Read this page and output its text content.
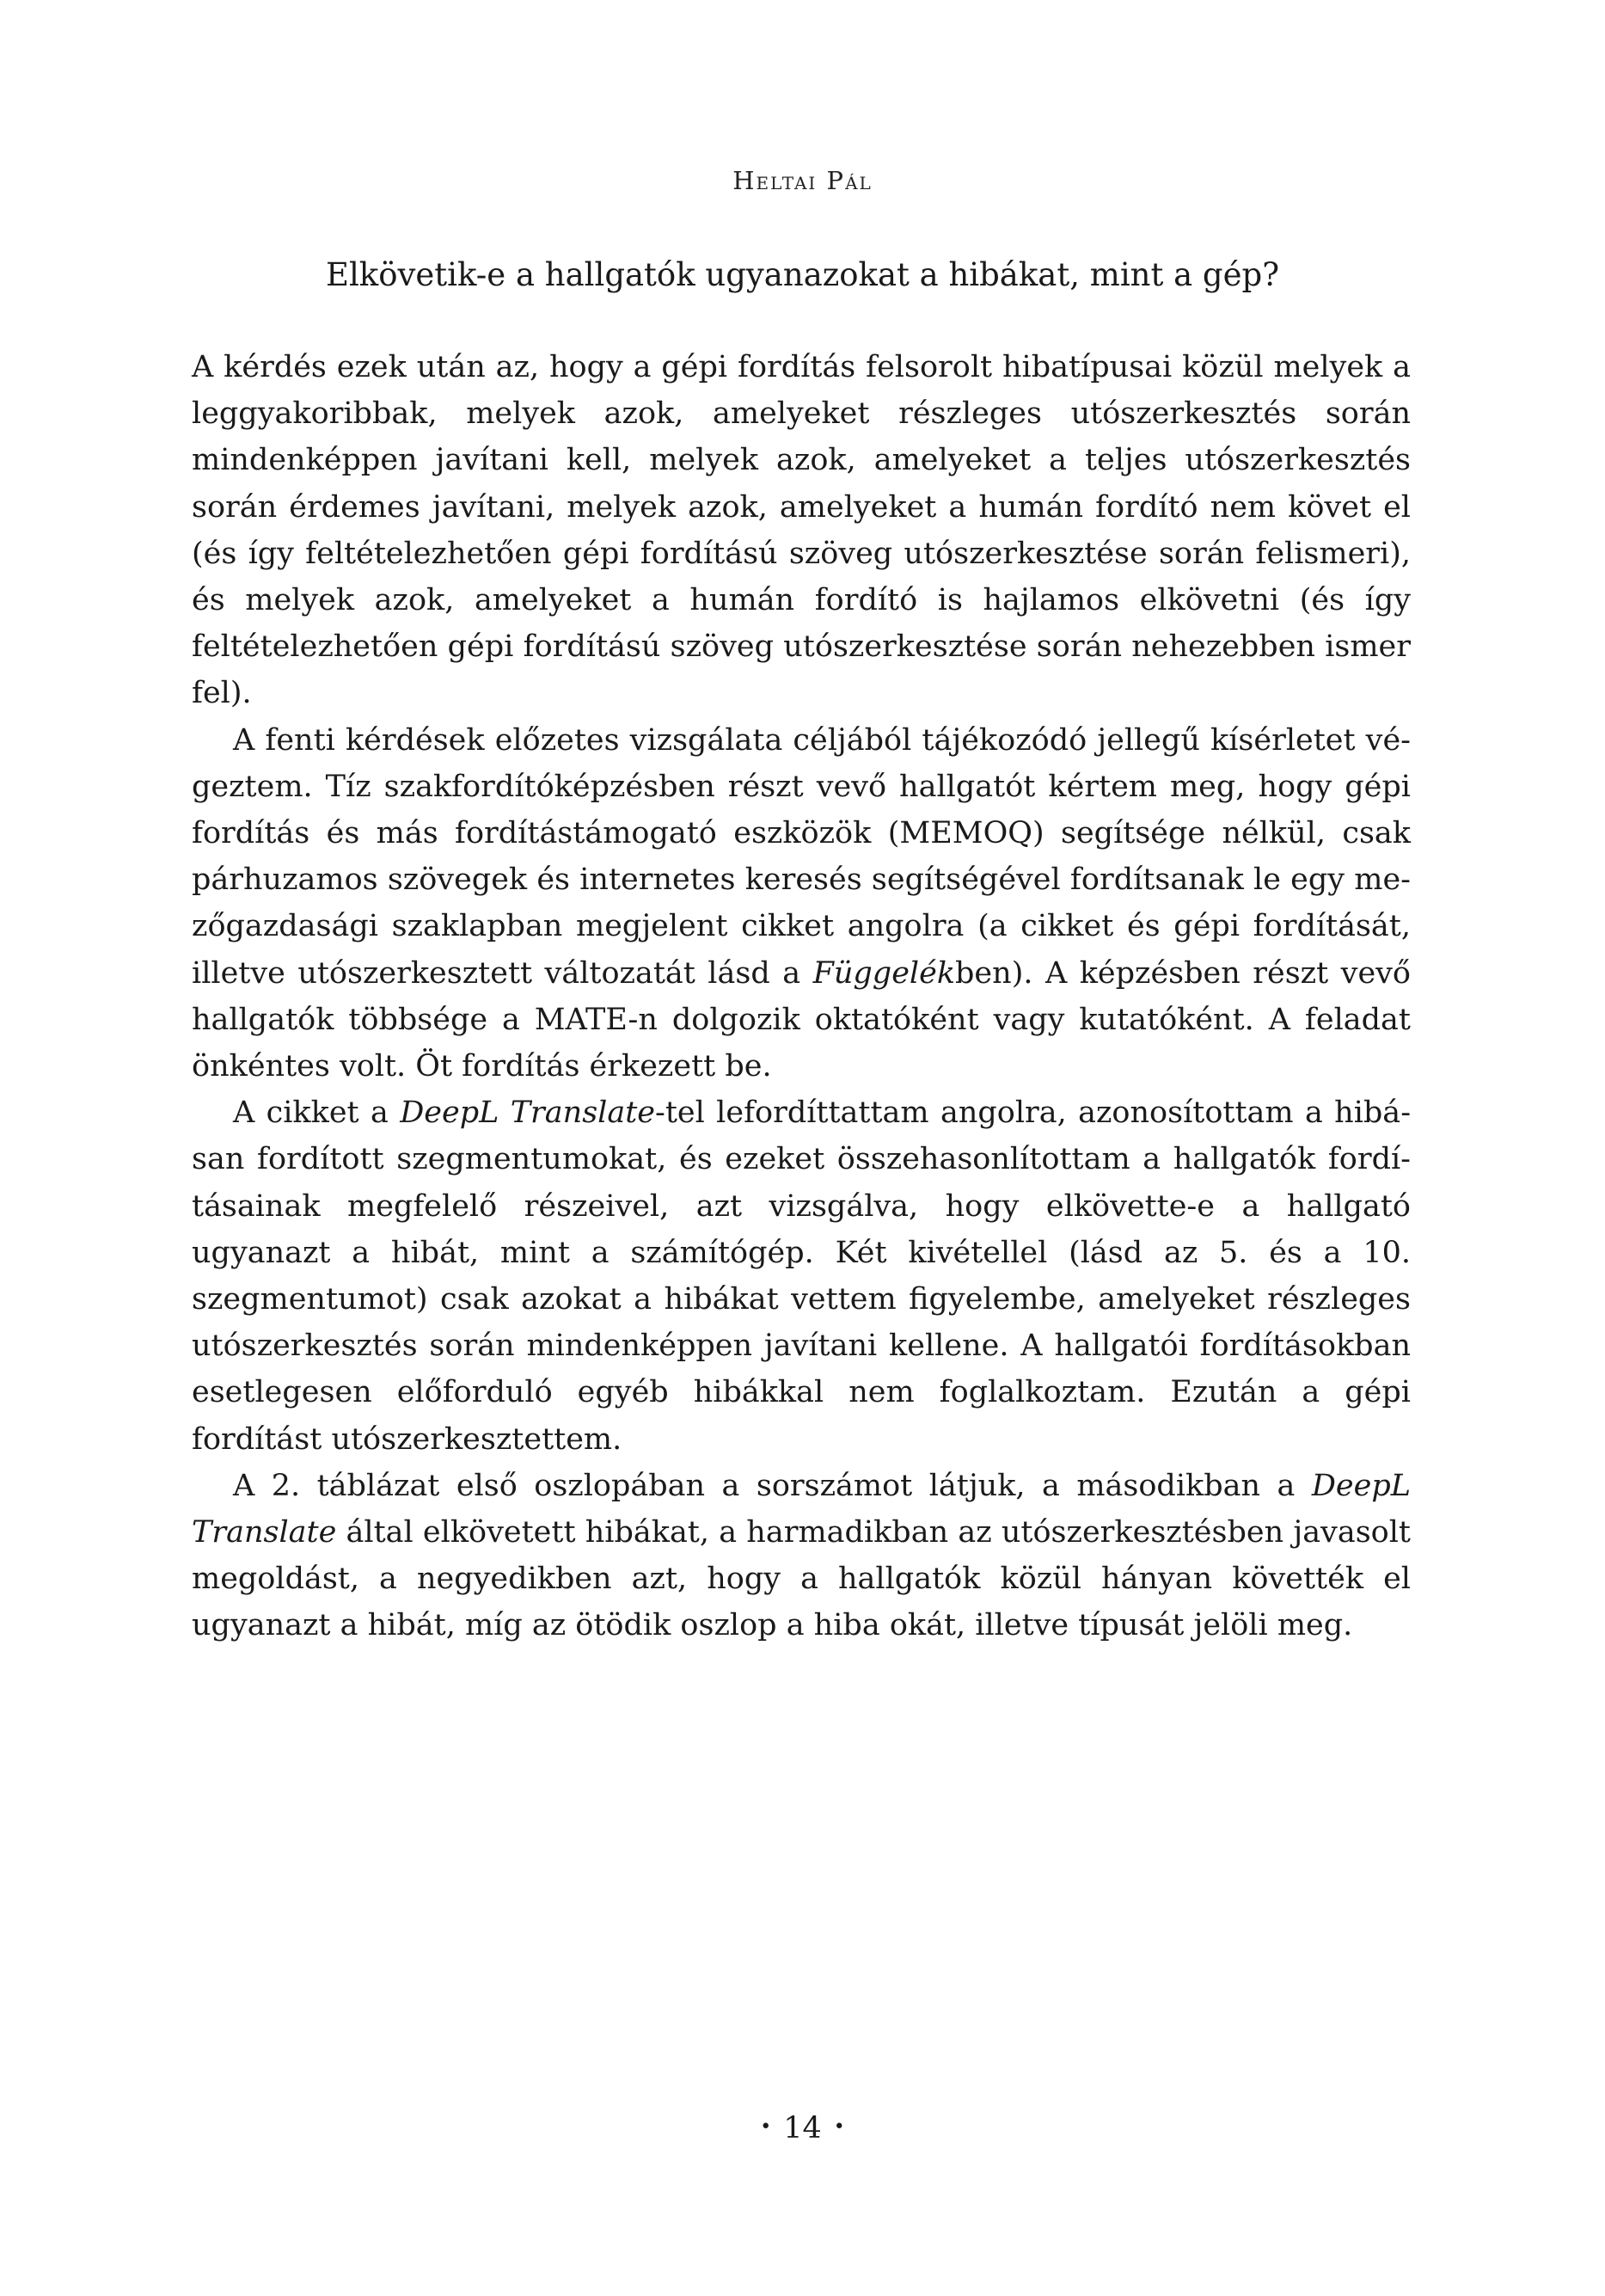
Heltai Pál
Elkövetik-e a hallgatók ugyanazokat a hibákat, mint a gép?

A kérdés ezek után az, hogy a gépi fordítás felsorolt hibatípusai közül melyek a leggyakoribbak, melyek azok, amelyeket részleges utószerkesztés során mindenképpen javítani kell, melyek azok, amelyeket a teljes utószerkesztés során érdemes javítani, melyek azok, amelyeket a humán fordító nem követ el (és így feltételezhetően gépi fordítású szöveg utószerkesztése során felismeri), és melyek azok, amelyeket a humán fordító is hajlamos elkövetni (és így feltételezhetően gépi fordítású szöveg utószerkesztése során nehezebben ismer fel).

A fenti kérdések előzetes vizsgálata céljából tájékozódó jellegű kísérletet végeztem. Tíz szakfordítóképzésben részt vevő hallgatót kértem meg, hogy gépi fordítás és más fordítástámogató eszközök (MEMOQ) segítsége nélkül, csak párhuzamos szövegek és internetes keresés segítségével fordítsanak le egy mezőgazdasági szaklapban megjelent cikket angolra (a cikket és gépi fordítását, illetve utószerkesztett változatát lásd a Függelékben). A képzésben részt vevő hallgatók többsége a MATE-n dolgozik oktatóként vagy kutatóként. A feladat önkéntes volt. Öt fordítás érkezett be.

A cikket a DeepL Translate-tel lefordíttattam angolra, azonosítottam a hibásan fordított szegmentumokat, és ezeket összehasonlítottam a hallgatók fordításainak megfelelő részeivel, azt vizsgálva, hogy elkövette-e a hallgató ugyanazt a hibát, mint a számítógép. Két kivétellel (lásd az 5. és a 10. szegmentumot) csak azokat a hibákat vettem figyelembe, amelyeket részleges utószerkesztés során mindenképpen javítani kellene. A hallgatói fordításokban esetlegesen előforduló egyéb hibákkal nem foglalkoztam. Ezután a gépi fordítást utószerkesztettem.

A 2. táblázat első oszlopában a sorszámot látjuk, a másodikban a DeepL Translate által elkövetett hibákat, a harmadikban az utószerkesztésben javasolt megoldást, a negyedikben azt, hogy a hallgatók közül hányan követték el ugyanazt a hibát, míg az ötödik oszlop a hiba okát, illetve típusát jelöli meg.

• 14 •
